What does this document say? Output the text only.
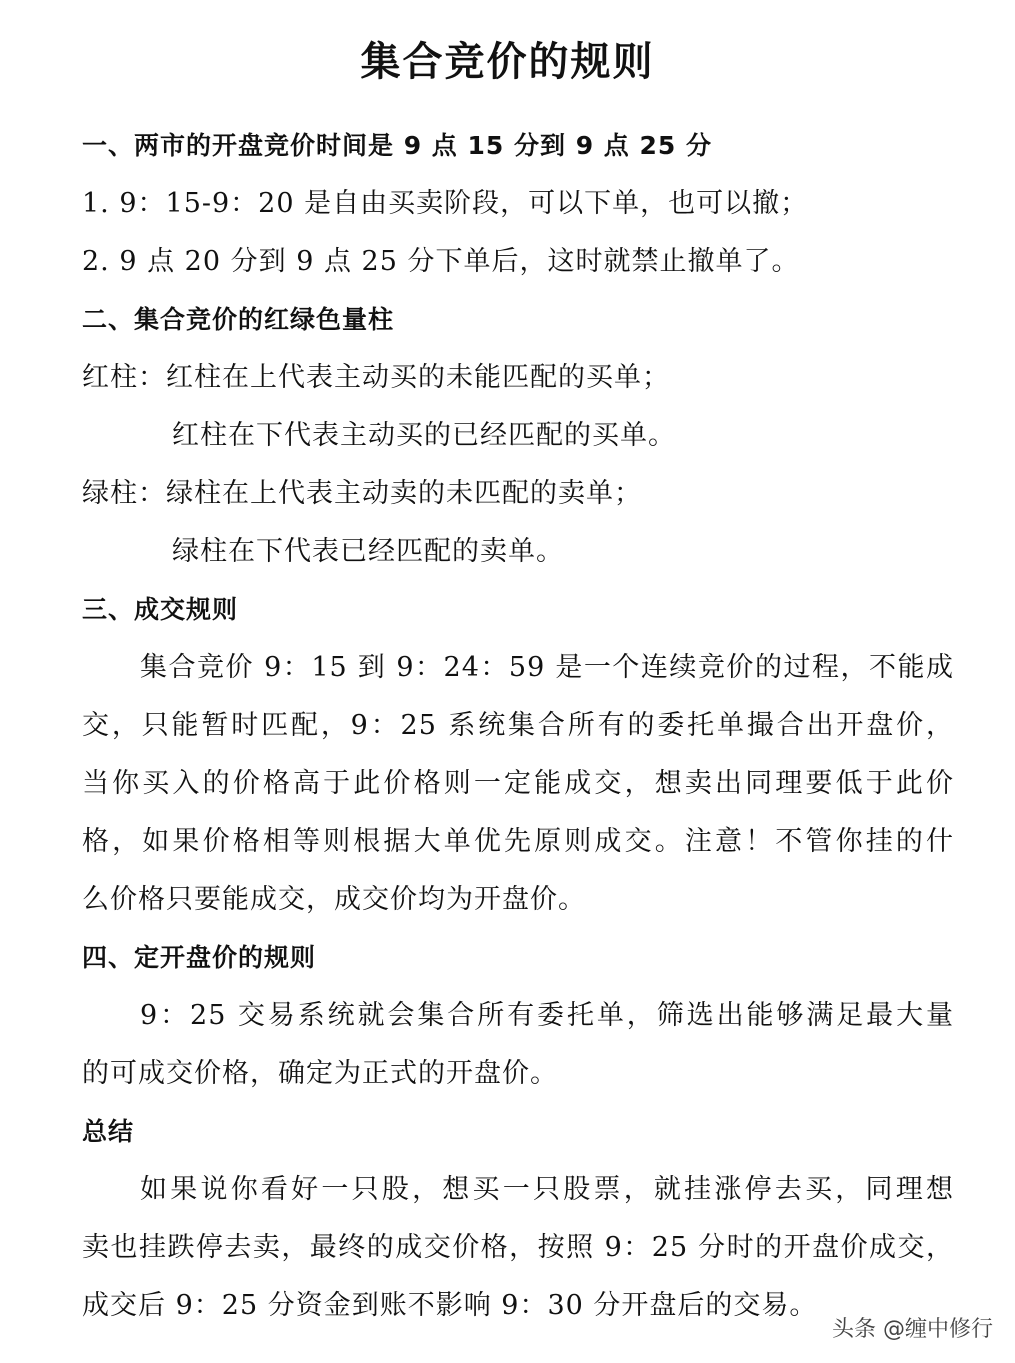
集合竞价的规则
一、两市的开盘竞价时间是 9 点 15 分到 9 点 25 分
1. 9：15-9：20 是自由买卖阶段，可以下单，也可以撤；
2. 9 点 20 分到 9 点 25 分下单后，这时就禁止撤单了。
二、集合竞价的红绿色量柱
红柱：红柱在上代表主动买的未能匹配的买单；
红柱在下代表主动买的已经匹配的买单。
绿柱：绿柱在上代表主动卖的未匹配的卖单；
绿柱在下代表已经匹配的卖单。
三、成交规则
集合竞价 9：15 到 9：24：59 是一个连续竞价的过程，不能成
交，只能暂时匹配，9：25 系统集合所有的委托单撮合出开盘价，
当你买入的价格高于此价格则一定能成交，想卖出同理要低于此价
格，如果价格相等则根据大单优先原则成交。注意！不管你挂的什
么价格只要能成交，成交价均为开盘价。
四、定开盘价的规则
9：25 交易系统就会集合所有委托单，筛选出能够满足最大量
的可成交价格，确定为正式的开盘价。
总结
如果说你看好一只股，想买一只股票，就挂涨停去买，同理想
卖也挂跌停去卖，最终的成交价格，按照 9：25 分时的开盘价成交，
成交后 9：25 分资金到账不影响 9：30 分开盘后的交易。
头条 @缠中修行
